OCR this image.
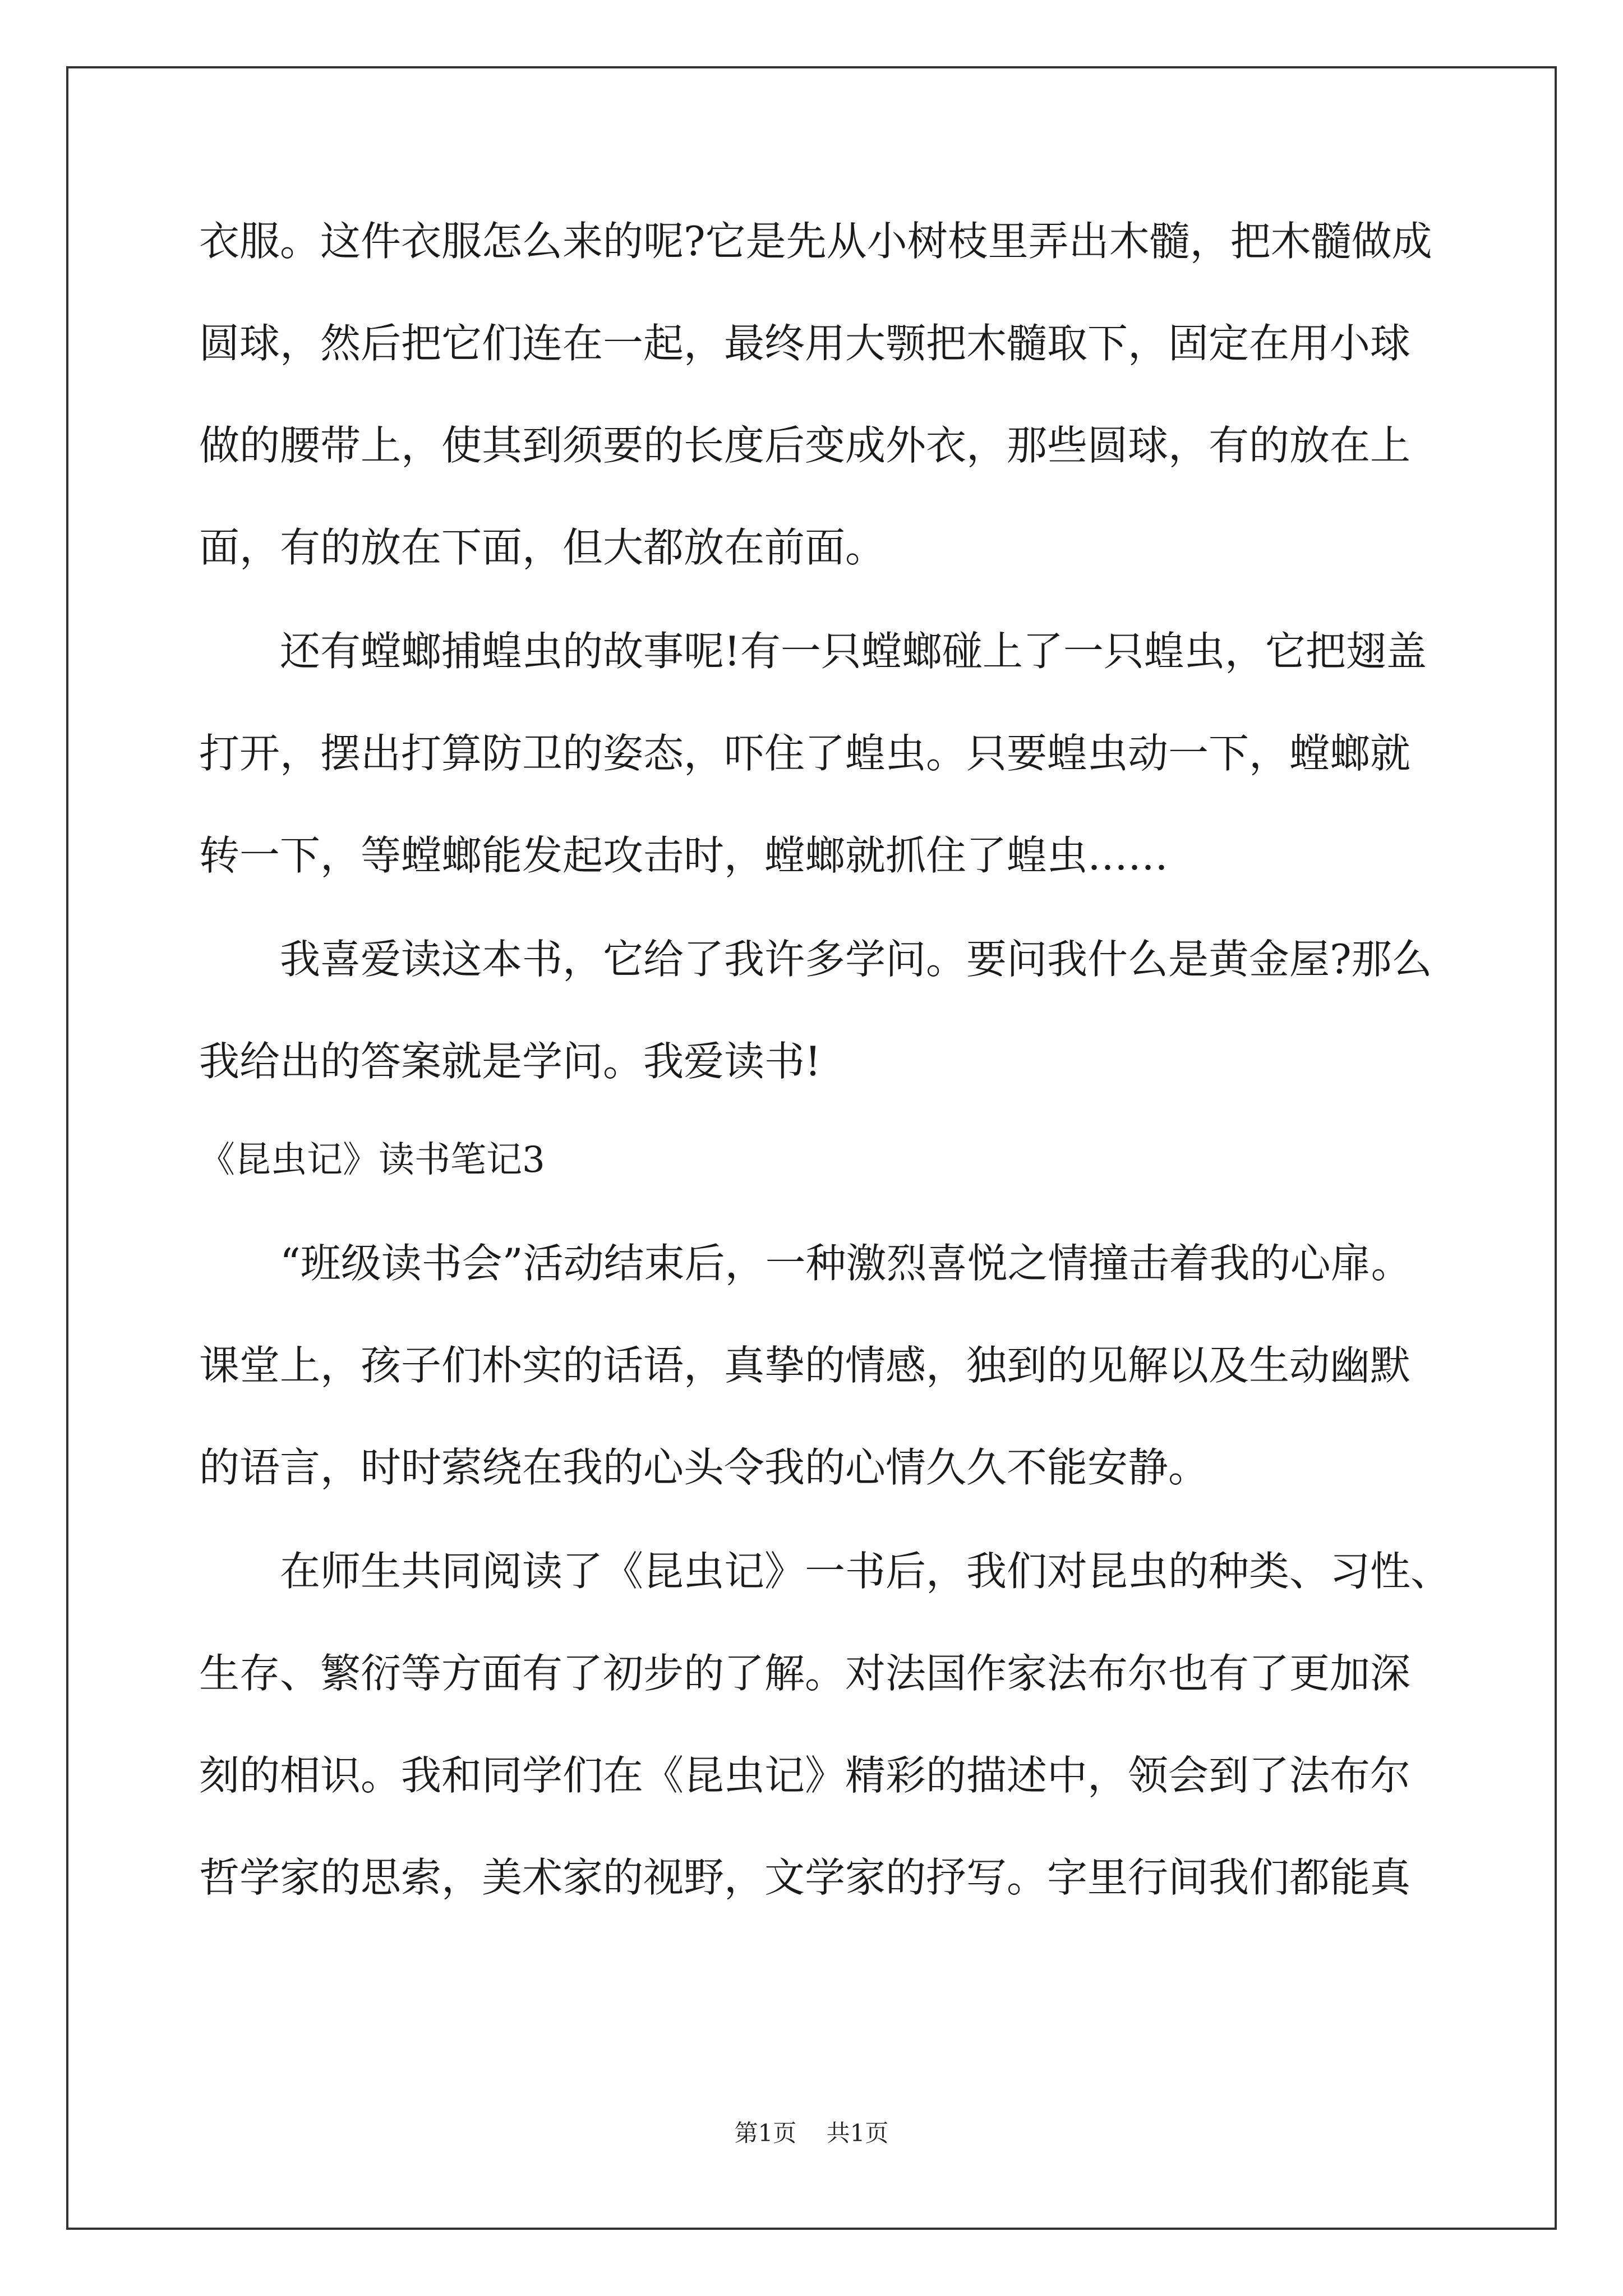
衣服。这件衣服怎么来的呢?它是先从小树枝里弄出木髓，把木髓做成
圆球，然后把它们连在一起，最终用大颚把木髓取下，固定在用小球
做的腰带上，使其到须要的长度后变成外衣，那些圆球，有的放在上
面，有的放在下面，但大都放在前面。
还有螳螂捕蝗虫的故事呢!有一只螳螂碰上了一只蝗虫，它把翅盖
打开，摆出打算防卫的姿态，吓住了蝗虫。只要蝗虫动一下，螳螂就
转一下，等螳螂能发起攻击时，螳螂就抓住了蝗虫……
我喜爱读这本书，它给了我许多学问。要问我什么是黄金屋?那么
我给出的答案就是学问。我爱读书!
《昆虫记》读书笔记3
“班级读书会”活动结束后，一种激烈喜悦之情撞击着我的心扉。
课堂上，孩子们朴实的话语，真挚的情感，独到的见解以及生动幽默
的语言，时时萦绕在我的心头令我的心情久久不能安静。
在师生共同阅读了《昆虫记》一书后，我们对昆虫的种类、习性、
生存、繁衍等方面有了初步的了解。对法国作家法布尔也有了更加深
刻的相识。我和同学们在《昆虫记》精彩的描述中，领会到了法布尔
哲学家的思索，美术家的视野，文学家的抒写。字里行间我们都能真
第1页 共1页
